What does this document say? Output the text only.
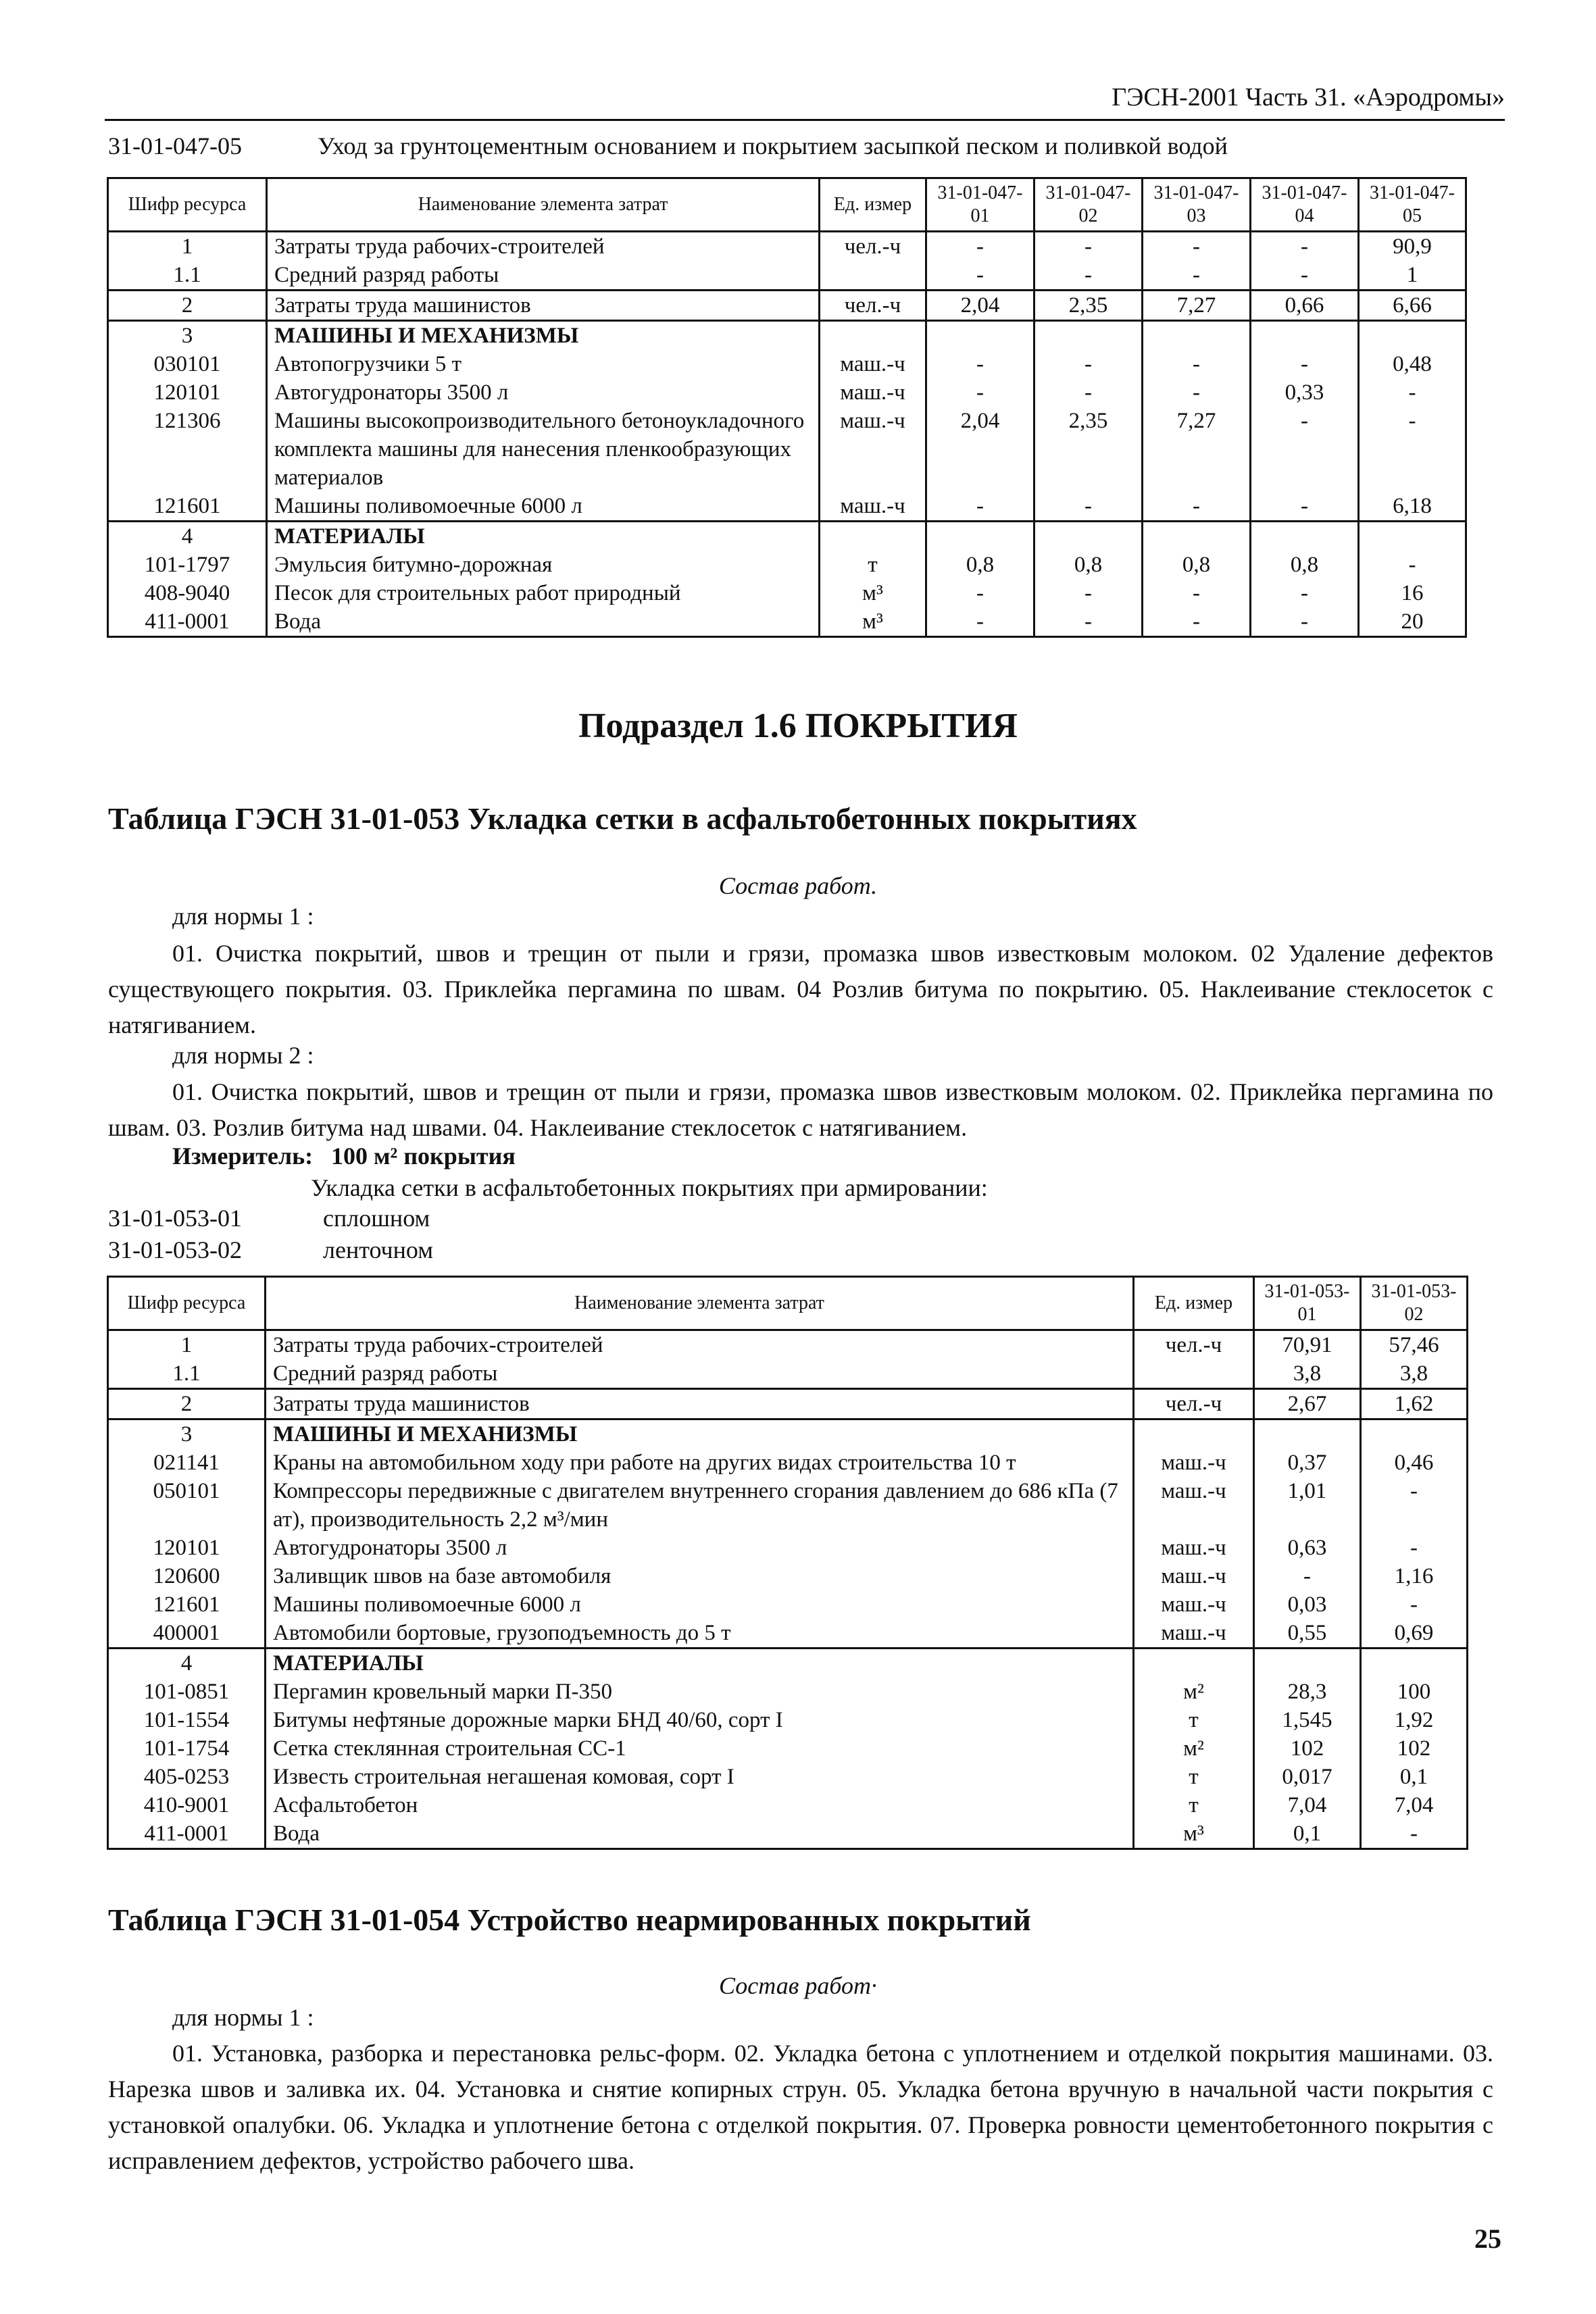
ГЭСН-2001 Часть 31. «Аэродромы»
31-01-047-05	Уход за грунтоцементным основанием и покрытием засыпкой песком и поливкой водой
Шифр ресурса	Наименование элемента затрат	Ед. измер	31-01-047-01	31-01-047-02	31-01-047-03	31-01-047-04	31-01-047-05
1	Затраты труда рабочих-строителей	чел.-ч	-	-	-	-	90,9
1.1	Средний разряд работы		-	-	-	-	1
2	Затраты труда машинистов	чел.-ч	2,04	2,35	7,27	0,66	6,66
3	МАШИНЫ И МЕХАНИЗМЫ						
030101	Автопогрузчики 5 т	маш.-ч	-	-	-	-	0,48
120101	Автогудронаторы 3500 л	маш.-ч	-	-	-	0,33	-
121306	Машины высокопроизводительного бетоноукладочного комплекта машины для нанесения пленкообразующих материалов	маш.-ч	2,04	2,35	7,27	-	-
121601	Машины поливомоечные 6000 л	маш.-ч	-	-	-	-	6,18
4	МАТЕРИАЛЫ						
101-1797	Эмульсия битумно-дорожная	т	0,8	0,8	0,8	0,8	-
408-9040	Песок для строительных работ природный	м³	-	-	-	-	16
411-0001	Вода	м³	-	-	-	-	20
Подраздел 1.6 ПОКРЫТИЯ
Таблица ГЭСН 31-01-053 Укладка сетки в асфальтобетонных покрытиях
Состав работ.
для нормы 1 :
01. Очистка покрытий, швов и трещин от пыли и грязи, промазка швов известковым молоком. 02 Удаление дефектов существующего покрытия. 03. Приклейка пергамина по швам. 04 Розлив битума по покрытию. 05. Наклеивание стеклосеток с натягиванием.
для нормы 2 :
01. Очистка покрытий, швов и трещин от пыли и грязи, промазка швов известковым молоком. 02. Приклейка пергамина по швам. 03. Розлив битума над швами. 04. Наклеивание стеклосеток с натягиванием.
Измеритель: 100 м² покрытия
Укладка сетки в асфальтобетонных покрытиях при армировании:
31-01-053-01	сплошном
31-01-053-02	ленточном
Шифр ресурса	Наименование элемента затрат	Ед. измер	31-01-053-01	31-01-053-02
1	Затраты труда рабочих-строителей	чел.-ч	70,91	57,46
1.1	Средний разряд работы		3,8	3,8
2	Затраты труда машинистов	чел.-ч	2,67	1,62
3	МАШИНЫ И МЕХАНИЗМЫ			
021141	Краны на автомобильном ходу при работе на других видах строительства 10 т	маш.-ч	0,37	0,46
050101	Компрессоры передвижные с двигателем внутреннего сгорания давлением до 686 кПа (7 ат), производительность 2,2 м³/мин	маш.-ч	1,01	-
120101	Автогудронаторы 3500 л	маш.-ч	0,63	-
120600	Заливщик швов на базе автомобиля	маш.-ч	-	1,16
121601	Машины поливомоечные 6000 л	маш.-ч	0,03	-
400001	Автомобили бортовые, грузоподъемность до 5 т	маш.-ч	0,55	0,69
4	МАТЕРИАЛЫ			
101-0851	Пергамин кровельный марки П-350	м²	28,3	100
101-1554	Битумы нефтяные дорожные марки БНД 40/60, сорт I	т	1,545	1,92
101-1754	Сетка стеклянная строительная СС-1	м²	102	102
405-0253	Известь строительная негашеная комовая, сорт I	т	0,017	0,1
410-9001	Асфальтобетон	т	7,04	7,04
411-0001	Вода	м³	0,1	-
Таблица ГЭСН 31-01-054 Устройство неармированных покрытий
Состав работ·
для нормы 1 :
01. Установка, разборка и перестановка рельс-форм. 02. Укладка бетона с уплотнением и отделкой покрытия машинами. 03. Нарезка швов и заливка их. 04. Установка и снятие копирных струн. 05. Укладка бетона вручную в начальной части покрытия с установкой опалубки. 06. Укладка и уплотнение бетона с отделкой покрытия. 07. Проверка ровности цементобетонного покрытия с исправлением дефектов, устройство рабочего шва.
25
